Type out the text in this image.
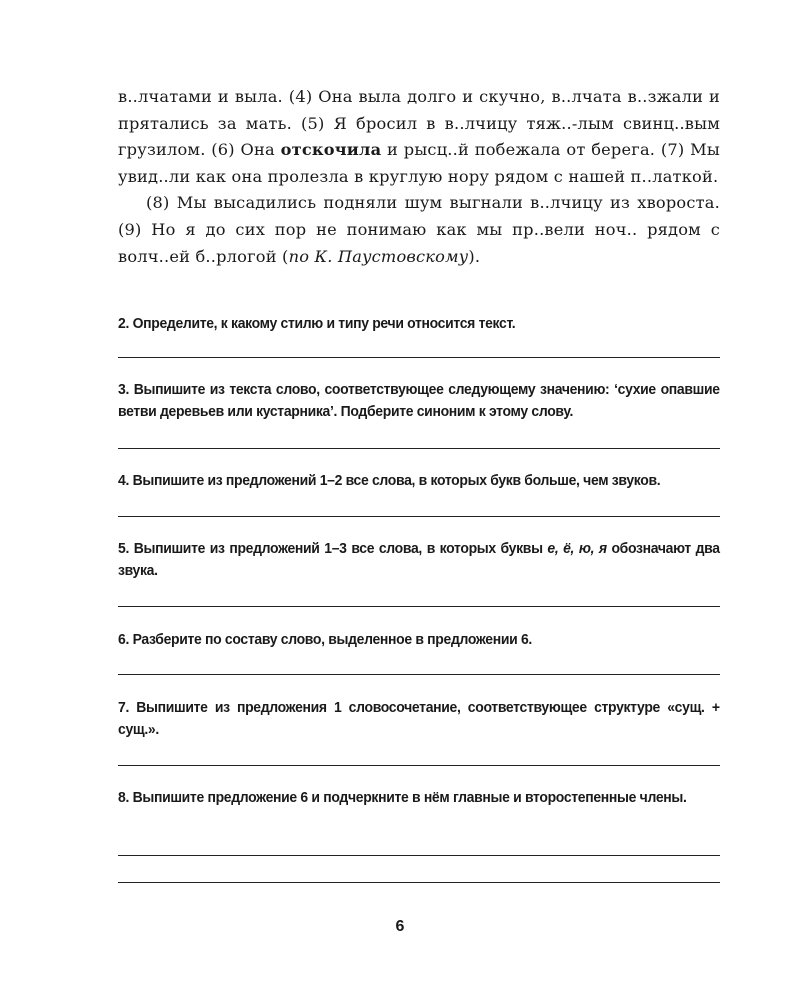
в..лчатами и выла. (4) Она выла долго и скучно, в..лчата в..зжали и прятались за мать. (5) Я бросил в в..лчицу тяж..-лым свинц..вым грузилом. (6) Она отскочила и рысц..й побежала от берега. (7) Мы увид..ли как она пролезла в круглую нору рядом с нашей п..латкой.

(8) Мы высадились подняли шум выгнали в..лчицу из хвороста. (9) Но я до сих пор не понимаю как мы пр..вели ноч.. рядом с волч..ей б..рлогой (по К. Паустовскому).

2. Определите, к какому стилю и типу речи относится текст.

3. Выпишите из текста слово, соответствующее следующему значению: ‘сухие опавшие ветви деревьев или кустарника’. Подберите синоним к этому слову.

4. Выпишите из предложений 1–2 все слова, в которых букв больше, чем звуков.

5. Выпишите из предложений 1–3 все слова, в которых буквы е, ё, ю, я обозначают два звука.

6. Разберите по составу слово, выделенное в предложении 6.

7. Выпишите из предложения 1 словосочетание, соответствующее структуре «сущ. + сущ.».

8. Выпишите предложение 6 и подчеркните в нём главные и второстепенные члены.

6
